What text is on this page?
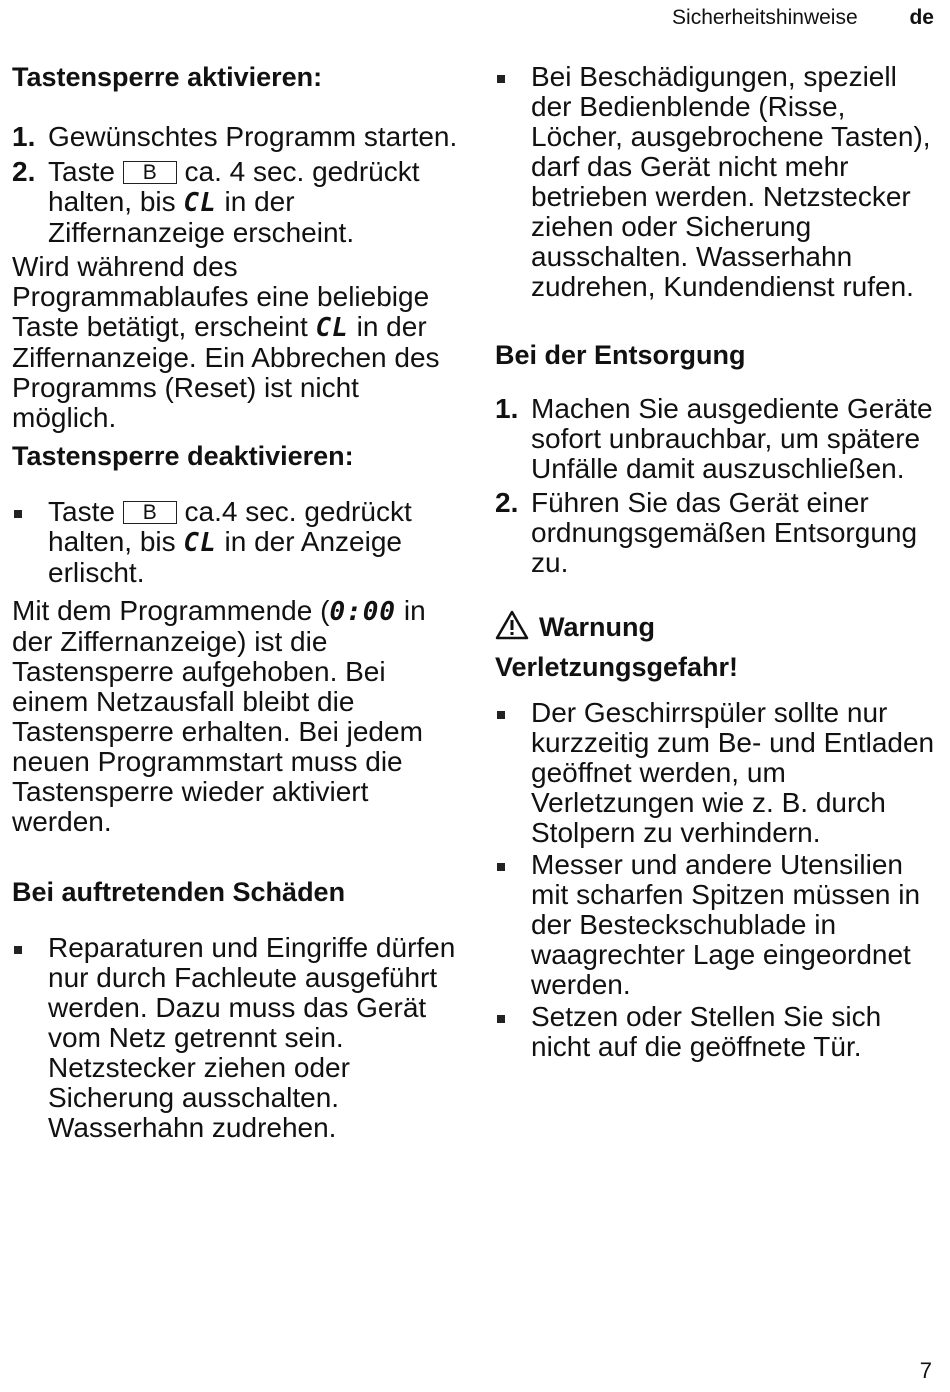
Sicherheitshinweise de
Tastensperre aktivieren:
1. Gewünschtes Programm starten.
2. Taste B ca. 4 sec. gedrückt halten, bis CL in der Ziffernanzeige erscheint.

Wird während des Programmablaufes eine beliebige Taste betätigt, erscheint CL in der Ziffernanzeige. Ein Abbrechen des Programms (Reset) ist nicht möglich.

Tastensperre deaktivieren:
Taste B ca.4 sec. gedrückt halten, bis CL in der Anzeige erlischt.

Mit dem Programmende (0:00 in der Ziffernanzeige) ist die Tastensperre aufgehoben. Bei einem Netzausfall bleibt die Tastensperre erhalten. Bei jedem neuen Programmstart muss die Tastensperre wieder aktiviert werden.

Bei auftretenden Schäden
Reparaturen und Eingriffe dürfen nur durch Fachleute ausgeführt werden. Dazu muss das Gerät vom Netz getrennt sein. Netzstecker ziehen oder Sicherung ausschalten. Wasserhahn zudrehen.
Bei Beschädigungen, speziell der Bedienblende (Risse, Löcher, ausgebrochene Tasten), darf das Gerät nicht mehr betrieben werden. Netzstecker ziehen oder Sicherung ausschalten. Wasserhahn zudrehen, Kundendienst rufen.
Bei der Entsorgung
1. Machen Sie ausgediente Geräte sofort unbrauchbar, um spätere Unfälle damit auszuschließen.
2. Führen Sie das Gerät einer ordnungsgemäßen Entsorgung zu.
Warnung
Verletzungsgefahr!
Der Geschirrspüler sollte nur kurzzeitig zum Be- und Entladen geöffnet werden, um Verletzungen wie z. B. durch Stolpern zu verhindern.
Messer und andere Utensilien mit scharfen Spitzen müssen in der Besteckschublade in waagrechter Lage eingeordnet werden.
Setzen oder Stellen Sie sich nicht auf die geöffnete Tür.
7
